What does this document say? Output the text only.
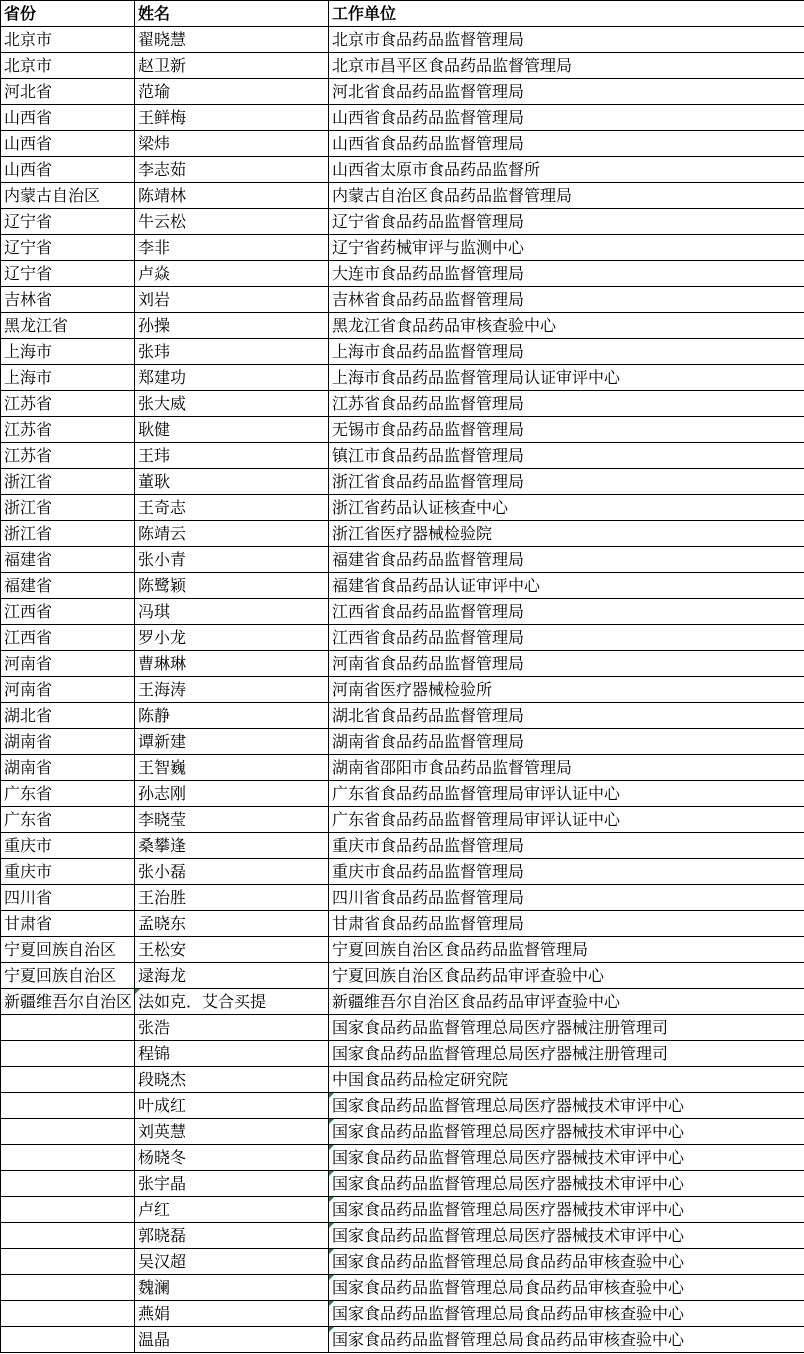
省份	姓名	工作单位
北京市	翟晓慧	北京市食品药品监督管理局
北京市	赵卫新	北京市昌平区食品药品监督管理局
河北省	范瑜	河北省食品药品监督管理局
山西省	王鲜梅	山西省食品药品监督管理局
山西省	梁炜	山西省食品药品监督管理局
山西省	李志茹	山西省太原市食品药品监督所
内蒙古自治区	陈靖林	内蒙古自治区食品药品监督管理局
辽宁省	牛云松	辽宁省食品药品监督管理局
辽宁省	李非	辽宁省药械审评与监测中心
辽宁省	卢焱	大连市食品药品监督管理局
吉林省	刘岩	吉林省食品药品监督管理局
黑龙江省	孙操	黑龙江省食品药品审核查验中心
上海市	张玮	上海市食品药品监督管理局
上海市	郑建功	上海市食品药品监督管理局认证审评中心
江苏省	张大威	江苏省食品药品监督管理局
江苏省	耿健	无锡市食品药品监督管理局
江苏省	王玮	镇江市食品药品监督管理局
浙江省	董耿	浙江省食品药品监督管理局
浙江省	王奇志	浙江省药品认证核查中心
浙江省	陈靖云	浙江省医疗器械检验院
福建省	张小青	福建省食品药品监督管理局
福建省	陈鹭颖	福建省食品药品认证审评中心
江西省	冯琪	江西省食品药品监督管理局
江西省	罗小龙	江西省食品药品监督管理局
河南省	曹琳琳	河南省食品药品监督管理局
河南省	王海涛	河南省医疗器械检验所
湖北省	陈静	湖北省食品药品监督管理局
湖南省	谭新建	湖南省食品药品监督管理局
湖南省	王智巍	湖南省邵阳市食品药品监督管理局
广东省	孙志刚	广东省食品药品监督管理局审评认证中心
广东省	李晓莹	广东省食品药品监督管理局审评认证中心
重庆市	桑攀逢	重庆市食品药品监督管理局
重庆市	张小磊	重庆市食品药品监督管理局
四川省	王治胜	四川省食品药品监督管理局
甘肃省	孟晓东	甘肃省食品药品监督管理局
宁夏回族自治区	王松安	宁夏回族自治区食品药品监督管理局
宁夏回族自治区	逯海龙	宁夏回族自治区食品药品审评查验中心
新疆维吾尔自治区	法如克．艾合买提	新疆维吾尔自治区食品药品审评查验中心
	张浩	国家食品药品监督管理总局医疗器械注册管理司
	程锦	国家食品药品监督管理总局医疗器械注册管理司
	段晓杰	中国食品药品检定研究院
	叶成红	国家食品药品监督管理总局医疗器械技术审评中心
	刘英慧	国家食品药品监督管理总局医疗器械技术审评中心
	杨晓冬	国家食品药品监督管理总局医疗器械技术审评中心
	张宇晶	国家食品药品监督管理总局医疗器械技术审评中心
	卢红	国家食品药品监督管理总局医疗器械技术审评中心
	郭晓磊	国家食品药品监督管理总局医疗器械技术审评中心
	吴汉超	国家食品药品监督管理总局食品药品审核查验中心
	魏澜	国家食品药品监督管理总局食品药品审核查验中心
	燕娟	国家食品药品监督管理总局食品药品审核查验中心
	温晶	国家食品药品监督管理总局食品药品审核查验中心
